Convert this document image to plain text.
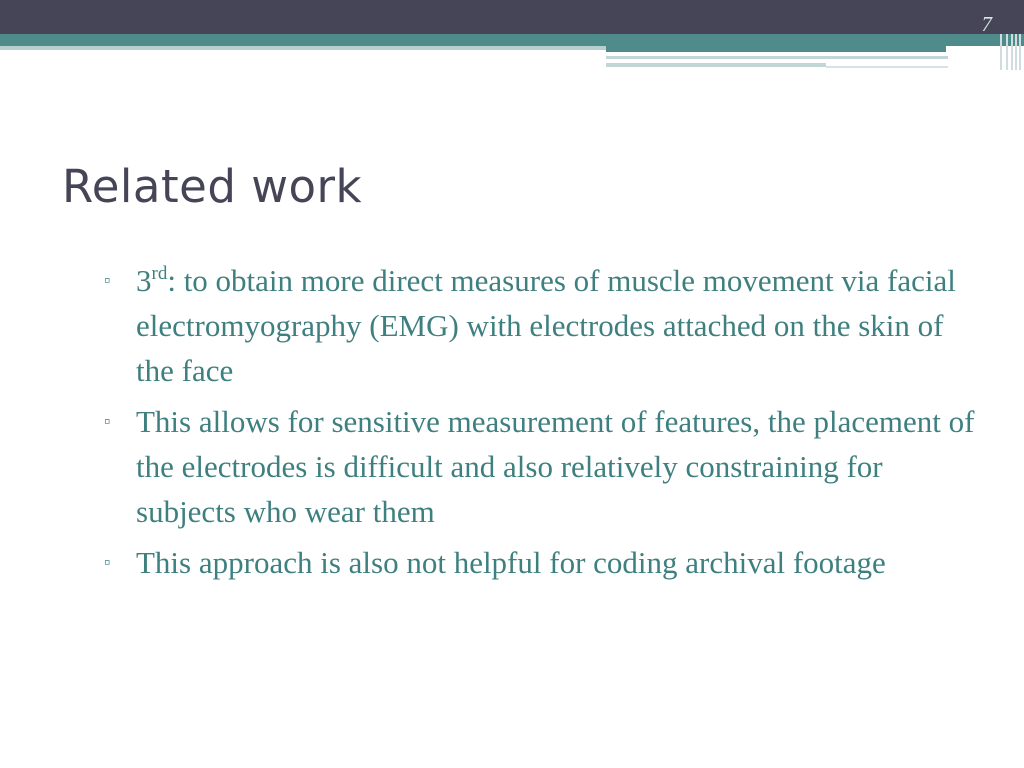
7
Related work
▫ 3rd: to obtain more direct measures of muscle movement via facial electromyography (EMG) with electrodes attached on the skin of the face
▫ This allows for sensitive measurement of features, the placement of the electrodes is difficult and also relatively constraining for subjects who wear them
▫ This approach is also not helpful for coding archival footage
